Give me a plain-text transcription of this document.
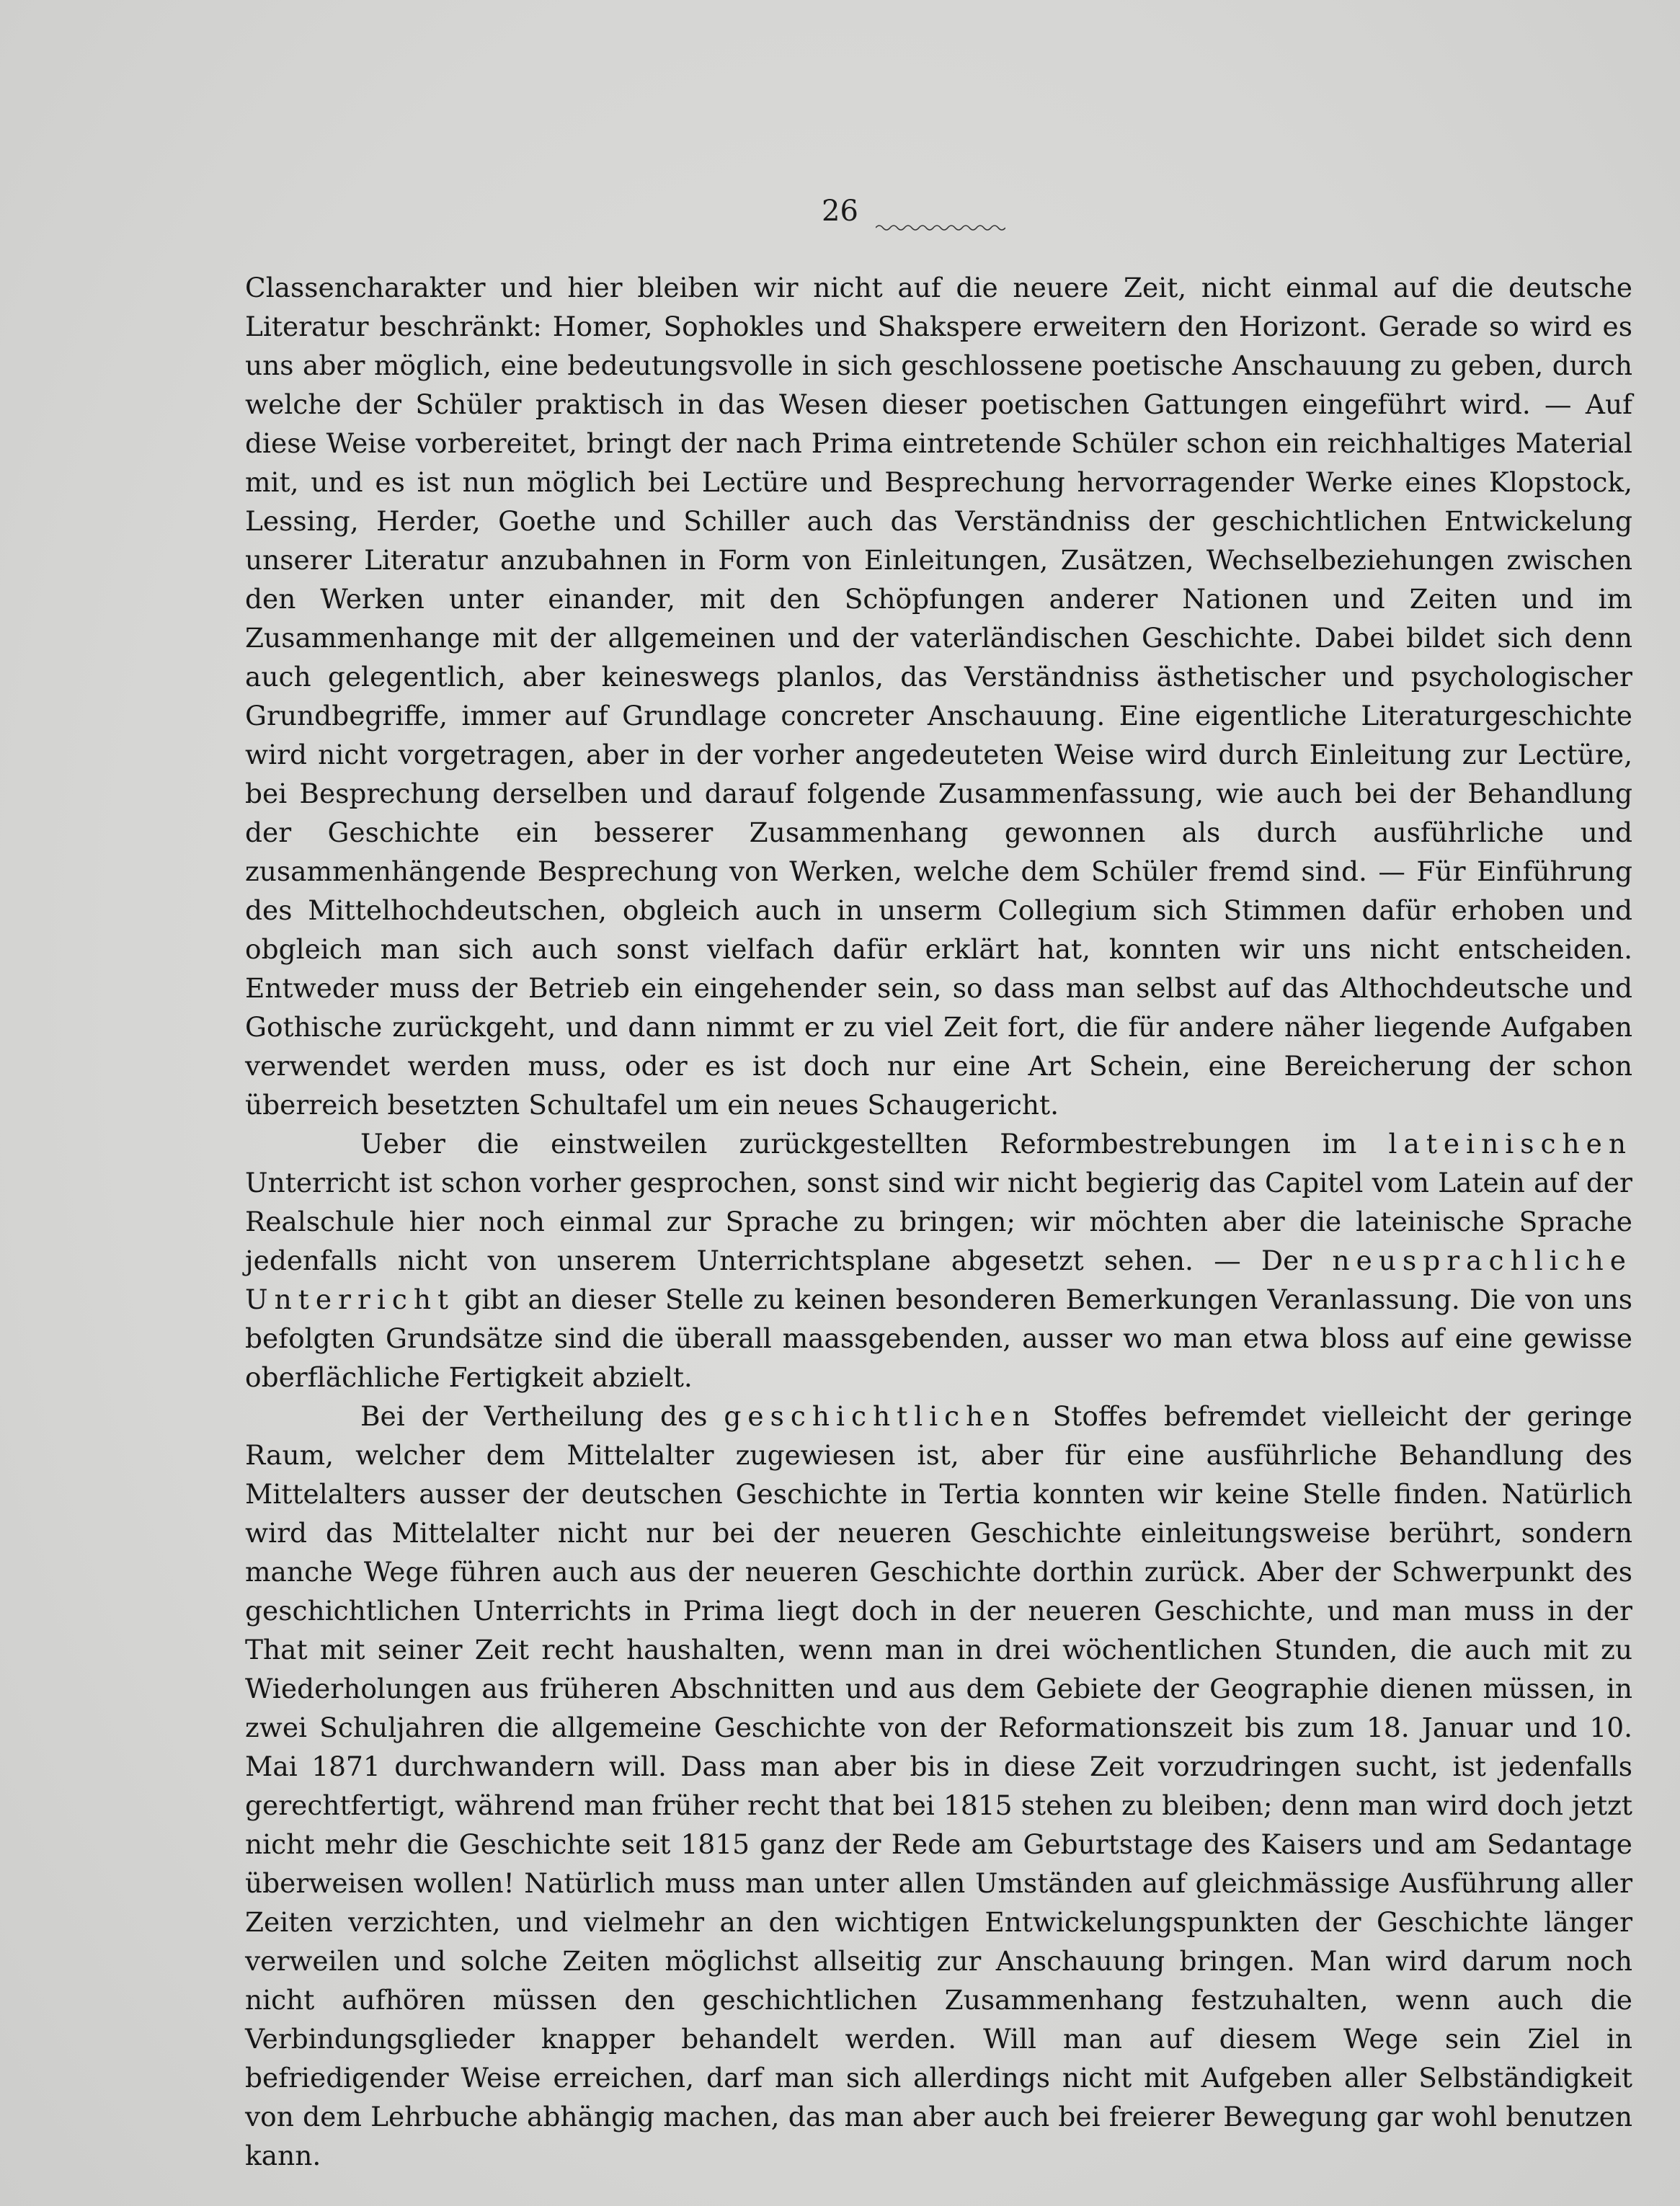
26

Classencharakter und hier bleiben wir nicht auf die neuere Zeit, nicht einmal auf die deutsche Literatur beschränkt: Homer, Sophokles und Shakspere erweitern den Horizont. Gerade so wird es uns aber möglich, eine bedeutungsvolle in sich geschlossene poetische Anschauung zu geben, durch welche der Schüler praktisch in das Wesen dieser poetischen Gattungen eingeführt wird. — Auf diese Weise vorbereitet, bringt der nach Prima eintretende Schüler schon ein reichhaltiges Material mit, und es ist nun möglich bei Lectüre und Besprechung hervorragender Werke eines Klopstock, Lessing, Herder, Goethe und Schiller auch das Verständniss der geschichtlichen Entwickelung unserer Literatur anzubahnen in Form von Einleitungen, Zusätzen, Wechselbeziehungen zwischen den Werken unter einander, mit den Schöpfungen anderer Nationen und Zeiten und im Zusammenhange mit der allgemeinen und der vaterländischen Geschichte. Dabei bildet sich denn auch gelegentlich, aber keineswegs planlos, das Verständniss ästhetischer und psychologischer Grundbegriffe, immer auf Grundlage concreter Anschauung. Eine eigentliche Literaturgeschichte wird nicht vorgetragen, aber in der vorher angedeuteten Weise wird durch Einleitung zur Lectüre, bei Besprechung derselben und darauf folgende Zusammenfassung, wie auch bei der Behandlung der Geschichte ein besserer Zusammenhang gewonnen als durch ausführliche und zusammenhängende Besprechung von Werken, welche dem Schüler fremd sind. — Für Einführung des Mittelhochdeutschen, obgleich auch in unserm Collegium sich Stimmen dafür erhoben und obgleich man sich auch sonst vielfach dafür erklärt hat, konnten wir uns nicht entscheiden. Entweder muss der Betrieb ein eingehender sein, so dass man selbst auf das Althochdeutsche und Gothische zurückgeht, und dann nimmt er zu viel Zeit fort, die für andere näher liegende Aufgaben verwendet werden muss, oder es ist doch nur eine Art Schein, eine Bereicherung der schon überreich besetzten Schultafel um ein neues Schaugericht.

Ueber die einstweilen zurückgestellten Reformbestrebungen im lateinischen Unterricht ist schon vorher gesprochen, sonst sind wir nicht begierig das Capitel vom Latein auf der Realschule hier noch einmal zur Sprache zu bringen; wir möchten aber die lateinische Sprache jedenfalls nicht von unserem Unterrichtsplane abgesetzt sehen. — Der neusprachliche Unterricht gibt an dieser Stelle zu keinen besonderen Bemerkungen Veranlassung. Die von uns befolgten Grundsätze sind die überall maassgebenden, ausser wo man etwa bloss auf eine gewisse oberflächliche Fertigkeit abzielt.

Bei der Vertheilung des geschichtlichen Stoffes befremdet vielleicht der geringe Raum, welcher dem Mittelalter zugewiesen ist, aber für eine ausführliche Behandlung des Mittelalters ausser der deutschen Geschichte in Tertia konnten wir keine Stelle finden. Natürlich wird das Mittelalter nicht nur bei der neueren Geschichte einleitungsweise berührt, sondern manche Wege führen auch aus der neueren Geschichte dorthin zurück. Aber der Schwerpunkt des geschichtlichen Unterrichts in Prima liegt doch in der neueren Geschichte, und man muss in der That mit seiner Zeit recht haushalten, wenn man in drei wöchentlichen Stunden, die auch mit zu Wiederholungen aus früheren Abschnitten und aus dem Gebiete der Geographie dienen müssen, in zwei Schuljahren die allgemeine Geschichte von der Reformationszeit bis zum 18. Januar und 10. Mai 1871 durchwandern will. Dass man aber bis in diese Zeit vorzudringen sucht, ist jedenfalls gerechtfertigt, während man früher recht that bei 1815 stehen zu bleiben; denn man wird doch jetzt nicht mehr die Geschichte seit 1815 ganz der Rede am Geburtstage des Kaisers und am Sedantage überweisen wollen! Natürlich muss man unter allen Umständen auf gleichmässige Ausführung aller Zeiten verzichten, und vielmehr an den wichtigen Entwickelungspunkten der Geschichte länger verweilen und solche Zeiten möglichst allseitig zur Anschauung bringen. Man wird darum noch nicht aufhören müssen den geschichtlichen Zusammenhang festzuhalten, wenn auch die Verbindungsglieder knapper behandelt werden. Will man auf diesem Wege sein Ziel in befriedigender Weise erreichen, darf man sich allerdings nicht mit Aufgeben aller Selbständigkeit von dem Lehrbuche abhängig machen, das man aber auch bei freierer Bewegung gar wohl benutzen kann.
